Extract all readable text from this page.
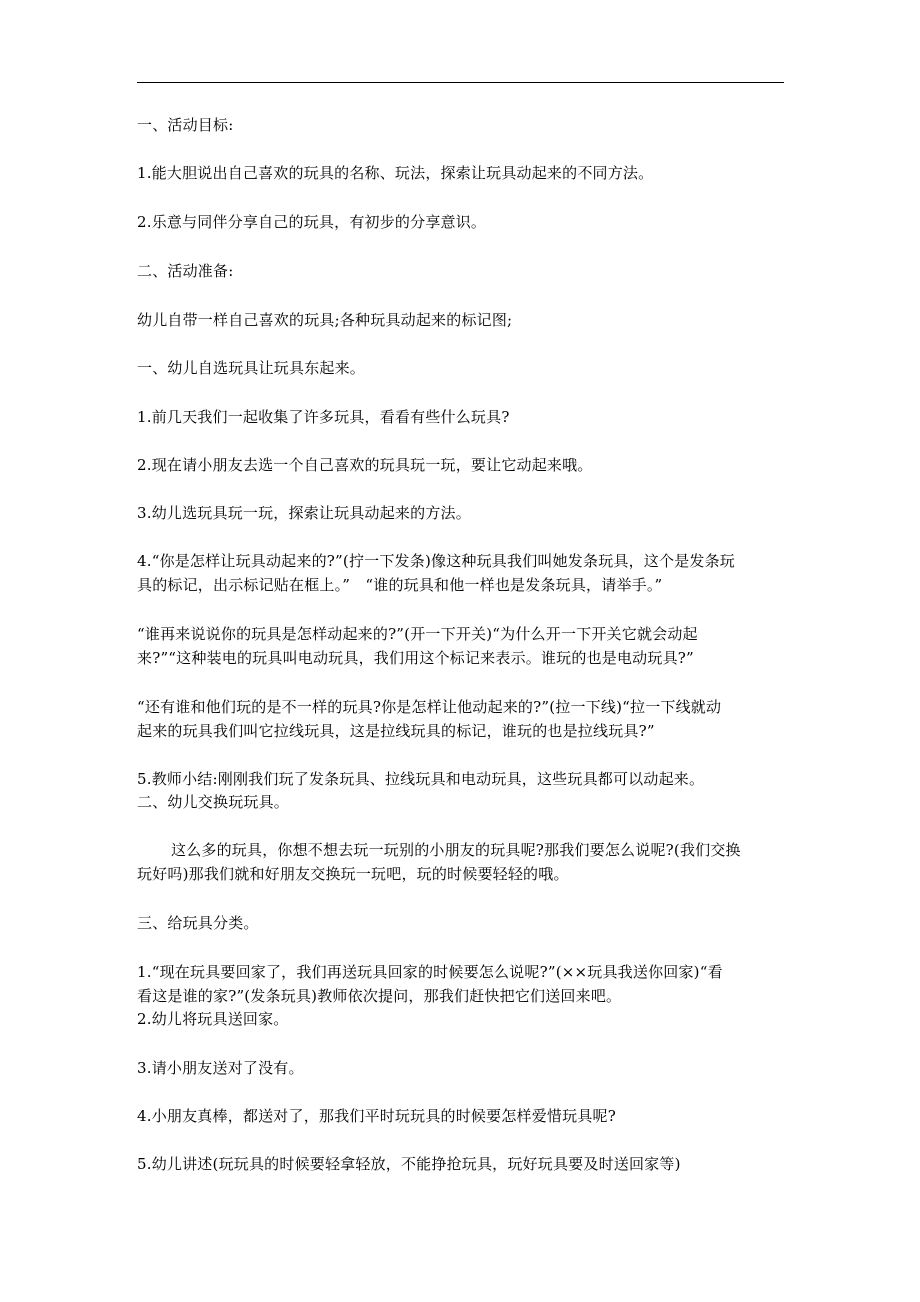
一、活动目标:
1.能大胆说出自己喜欢的玩具的名称、玩法，探索让玩具动起来的不同方法。
2.乐意与同伴分享自己的玩具，有初步的分享意识。
二、活动准备:
幼儿自带一样自己喜欢的玩具;各种玩具动起来的标记图;
一、幼儿自选玩具让玩具东起来。
1.前几天我们一起收集了许多玩具，看看有些什么玩具?
2.现在请小朋友去选一个自己喜欢的玩具玩一玩，要让它动起来哦。
3.幼儿选玩具玩一玩，探索让玩具动起来的方法。
4.“你是怎样让玩具动起来的?”(拧一下发条)像这种玩具我们叫她发条玩具，这个是发条玩
具的标记，出示标记贴在框上。”　“谁的玩具和他一样也是发条玩具，请举手。”
“谁再来说说你的玩具是怎样动起来的?”(开一下开关)“为什么开一下开关它就会动起
来?”“这种装电的玩具叫电动玩具，我们用这个标记来表示。谁玩的也是电动玩具?”
“还有谁和他们玩的是不一样的玩具?你是怎样让他动起来的?”(拉一下线)“拉一下线就动
起来的玩具我们叫它拉线玩具，这是拉线玩具的标记，谁玩的也是拉线玩具?”
5.教师小结:刚刚我们玩了发条玩具、拉线玩具和电动玩具，这些玩具都可以动起来。
二、幼儿交换玩玩具。
这么多的玩具，你想不想去玩一玩别的小朋友的玩具呢?那我们要怎么说呢?(我们交换
玩好吗)那我们就和好朋友交换玩一玩吧，玩的时候要轻轻的哦。
三、给玩具分类。
1.“现在玩具要回家了，我们再送玩具回家的时候要怎么说呢?”(××玩具我送你回家)“看
看这是谁的家?”(发条玩具)教师依次提问，那我们赶快把它们送回来吧。
2.幼儿将玩具送回家。
3.请小朋友送对了没有。
4.小朋友真棒，都送对了，那我们平时玩玩具的时候要怎样爱惜玩具呢?
5.幼儿讲述(玩玩具的时候要轻拿轻放，不能挣抢玩具，玩好玩具要及时送回家等)
